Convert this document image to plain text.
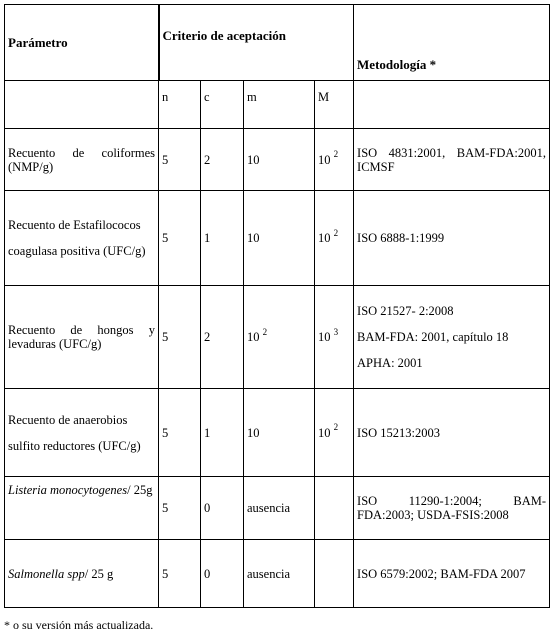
Parámetro	Criterio de aceptación				Metodología *
	n	c	m	M	

Recuento de coliformes (NMP/g)	5	2	10	10 $^2$	ISO 4831:2001, BAM-FDA:2001, ICMSF

Recuento de Estafilococos

coagulasa positiva (UFC/g)	5	1	10	10 $^2$	ISO 6888-1:1999

Recuento de hongos y levaduras (UFC/g)	5	2	10 $^2$	10 $^3$	ISO 21527- 2:2008

BAM-FDA: 2001, capítulo 18

APHA: 2001

Recuento de anaerobios

sulfito reductores (UFC/g)	5	1	10	10 $^2$	ISO 15213:2003

Listeria monocytogenes/ 25g	5	0	ausencia		ISO 11290-1:2004; BAM-FDA:2003; USDA-FSIS:2008

Salmonella spp/ 25 g	5	0	ausencia		ISO 6579:2002; BAM-FDA 2007

* o su versión más actualizada.
